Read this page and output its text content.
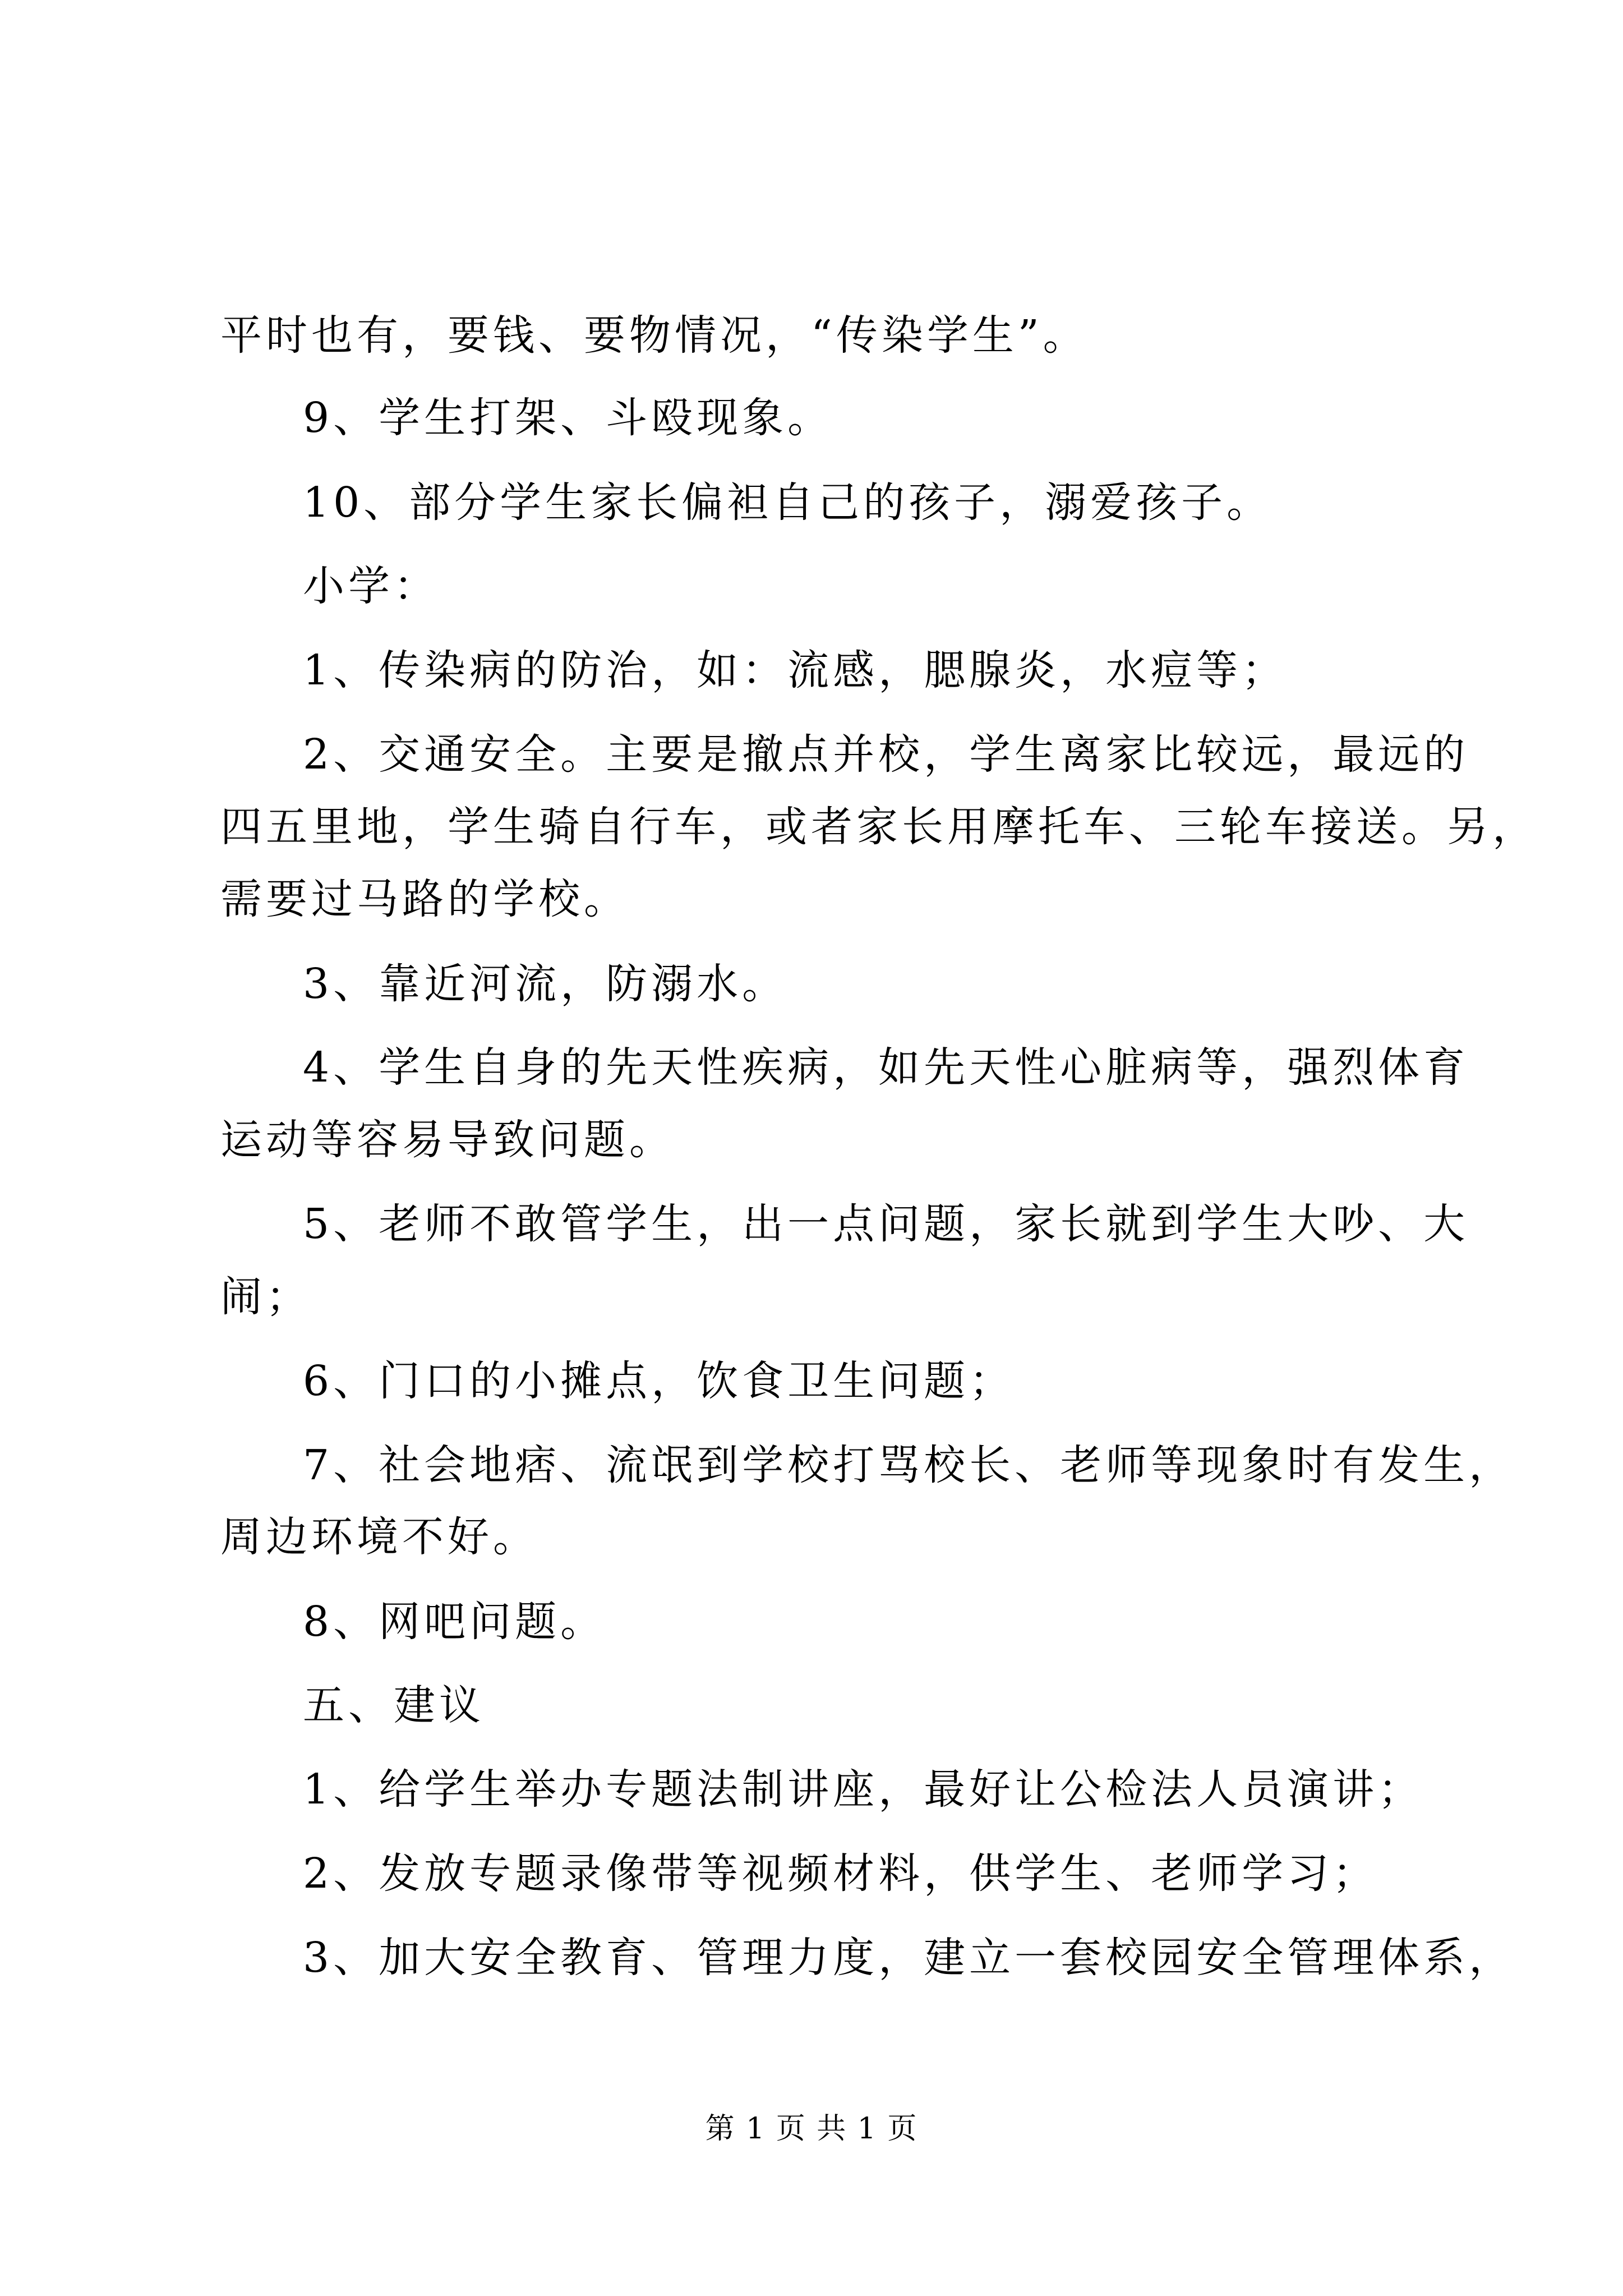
平时也有，要钱、要物情况，“传染学生”。
9、学生打架、斗殴现象。
10、部分学生家长偏袒自己的孩子，溺爱孩子。
小学：
1、传染病的防治，如：流感，腮腺炎，水痘等；
2、交通安全。主要是撤点并校，学生离家比较远，最远的
四五里地，学生骑自行车，或者家长用摩托车、三轮车接送。另，
需要过马路的学校。
3、靠近河流，防溺水。
4、学生自身的先天性疾病，如先天性心脏病等，强烈体育
运动等容易导致问题。
5、老师不敢管学生，出一点问题，家长就到学生大吵、大
闹；
6、门口的小摊点，饮食卫生问题；
7、社会地痞、流氓到学校打骂校长、老师等现象时有发生，
周边环境不好。
8、网吧问题。
五、建议
1、给学生举办专题法制讲座，最好让公检法人员演讲；
2、发放专题录像带等视频材料，供学生、老师学习；
3、加大安全教育、管理力度，建立一套校园安全管理体系，
第 1 页 共 1 页
